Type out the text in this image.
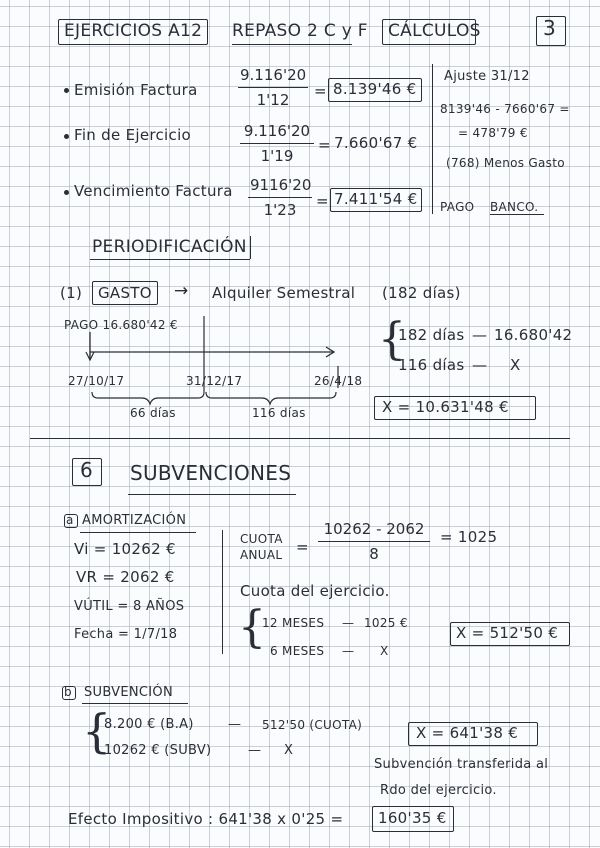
EJERCICIOS A12 REPASO 2 C y F CÁLCULOS	3
Emisión Factura
9.116'20
1'12	= 8.139'46 €
Fin de Ejercicio	9.116'20
1'19
= 7.660'67 €
Vencimiento Factura 9116'20
1'23	= 7.411'54 €
Ajuste 31/12
8139'46 - 7660'67 =
= 478'79 €
(768) Menos Gasto
PAGO BANCO.
PERIODIFICACIÓN
(1) GASTO → Alquiler Semestral (182 días)
PAGO 16.680'42 €
27/10/17	31/12/17	26/4/18
66 días	116 días
{
182 días — 16.680'42
116 días — X
X = 10.631'48 €
6 SUBVENCIONES
a AMORTIZACIÓN
Vi = 10262 €
VR = 2062 €
VÚTIL = 8 AÑOS
Fecha = 1/7/18
CUOTA
ANUAL =
10262 - 2062
8
= 1025
Cuota del ejercicio.
{
12 MESES — 1025 €
6 MESES — X
X = 512'50 €
b SUBVENCIÓN
{
8.200 € (B.A)	— 512'50 (CUOTA)
10262 € (SUBV)	— X
X = 641'38 €
Subvención transferida al
Rdo del ejercicio.
Efecto Impositivo : 641'38 x 0'25 = 160'35 €
